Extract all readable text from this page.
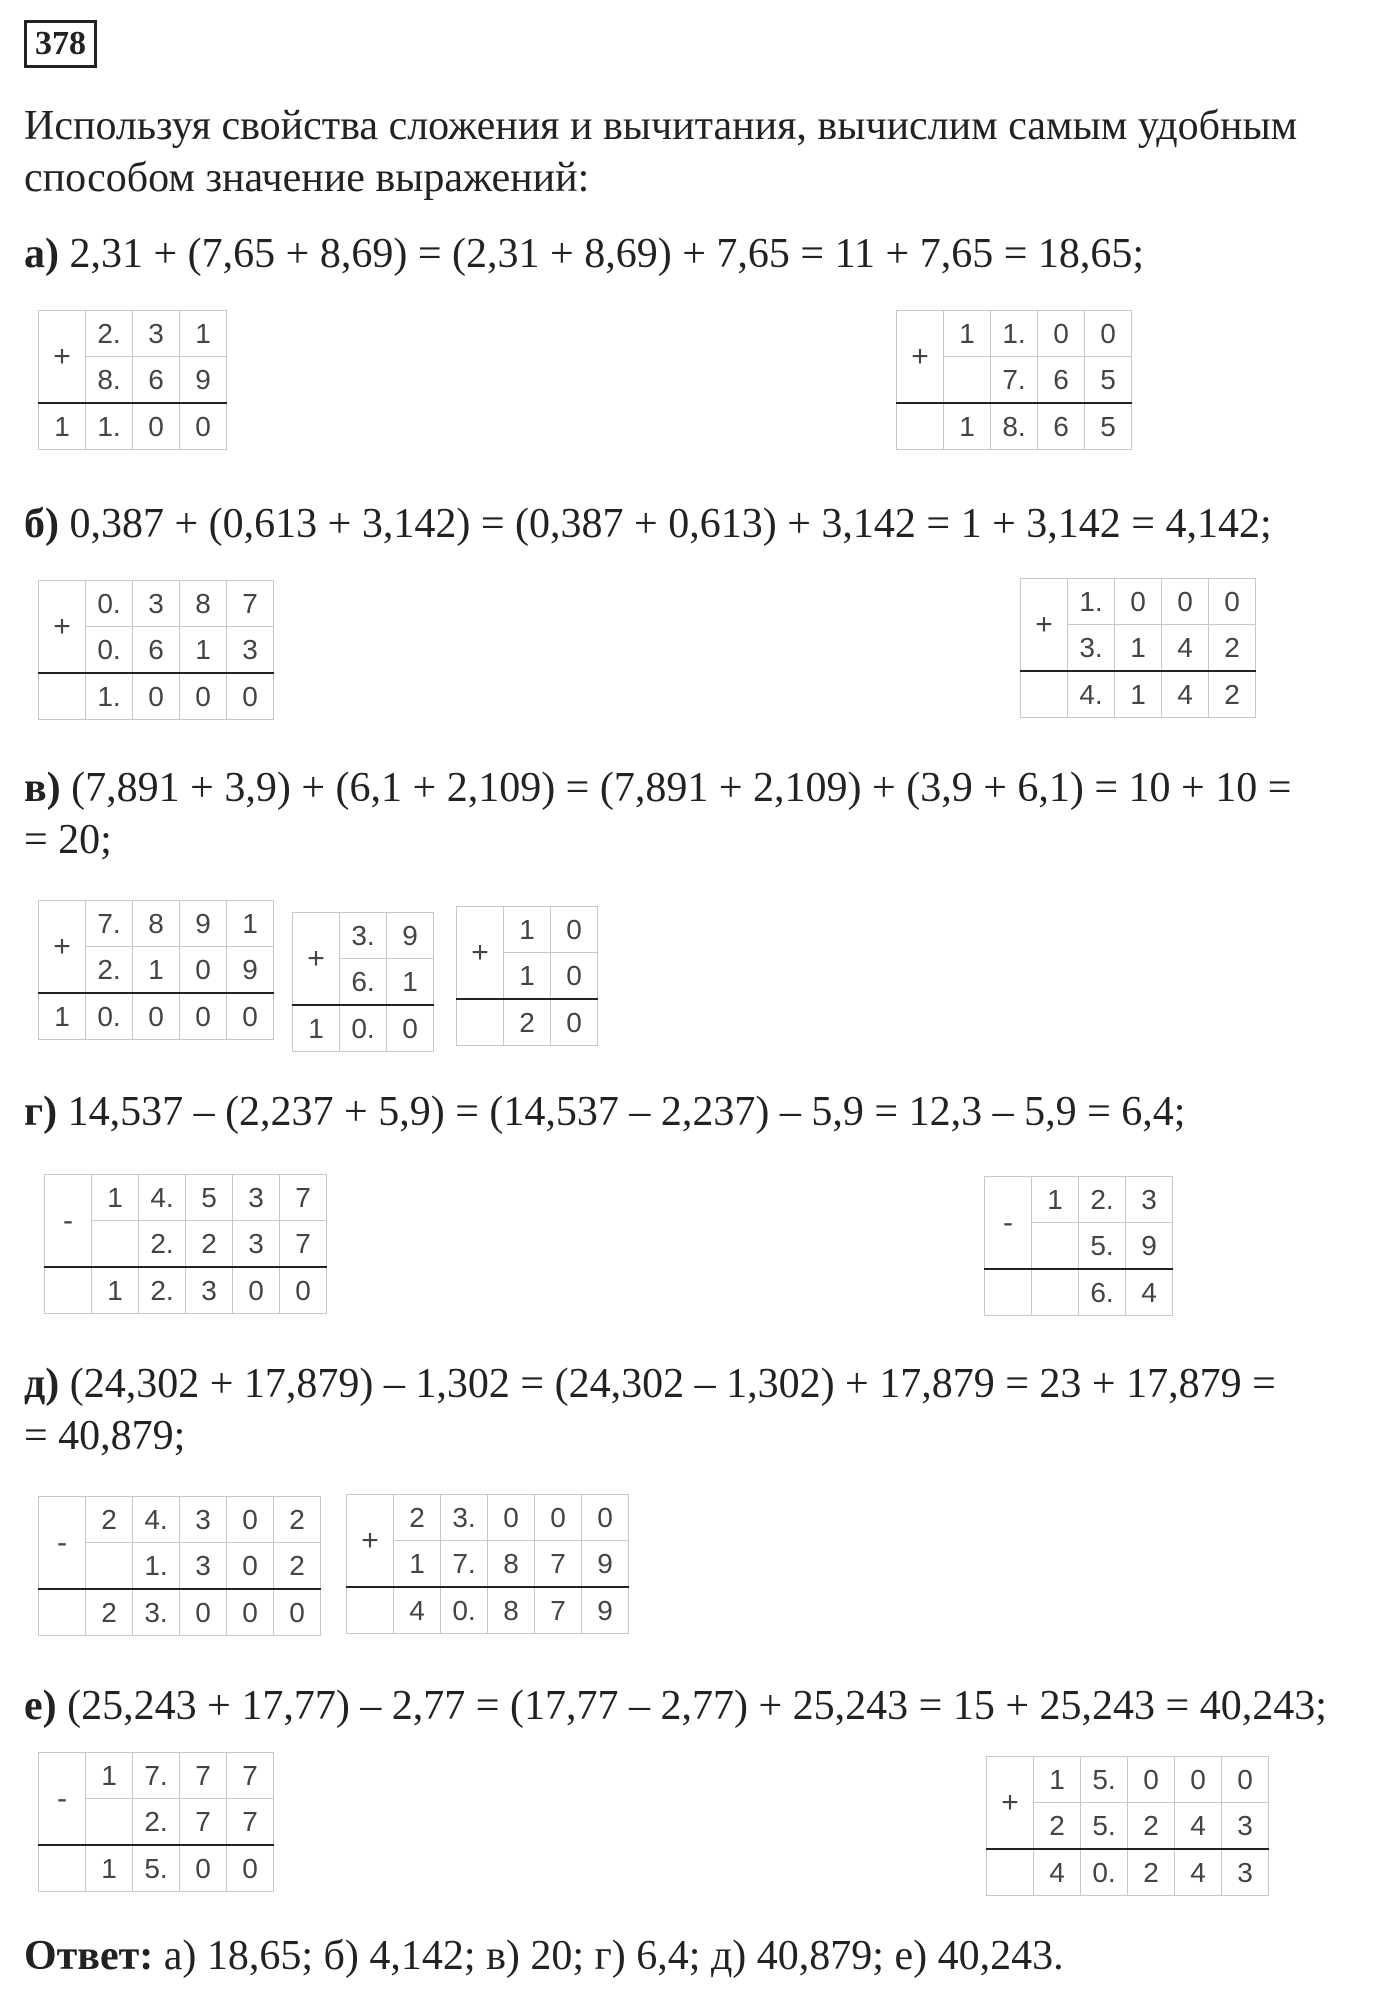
378
Используя свойства сложения и вычитания, вычислим самым удобным способом значение выражений:
а) 2,31 + (7,65 + 8,69) = (2,31 + 8,69) + 7,65 = 11 + 7,65 = 18,65;
б) 0,387 + (0,613 + 3,142) = (0,387 + 0,613) + 3,142 = 1 + 3,142 = 4,142;
в) (7,891 + 3,9) + (6,1 + 2,109) = (7,891 + 2,109) + (3,9 + 6,1) = 10 + 10 =
= 20;
г) 14,537 – (2,237 + 5,9) = (14,537 – 2,237) – 5,9 = 12,3 – 5,9 = 6,4;
д) (24,302 + 17,879) – 1,302 = (24,302 – 1,302) + 17,879 = 23 + 17,879 =
= 40,879;
е) (25,243 + 17,77) – 2,77 = (17,77 – 2,77) + 25,243 = 15 + 25,243 = 40,243;
+	2.	3	1
	8.	6	9
1	1.	0	0
+	1	1.	0	0
		7.	6	5
	1	8.	6	5
+	0.	3	8	7
	0.	6	1	3
	1.	0	0	0
+	1.	0	0	0
	3.	1	4	2
	4.	1	4	2
+	7.	8	9	1
	2.	1	0	9
1	0.	0	0	0
+	3.	9
	6.	1
1	0.	0
+	1	0
	1	0
	2	0
-	1	4.	5	3	7
		2.	2	3	7
	1	2.	3	0	0
-	1	2.	3
		5.	9
		6.	4
-	2	4.	3	0	2
		1.	3	0	2
	2	3.	0	0	0
+	2	3.	0	0	0
	1	7.	8	7	9
	4	0.	8	7	9
-	1	7.	7	7
		2.	7	7
	1	5.	0	0
+	1	5.	0	0	0
	2	5.	2	4	3
	4	0.	2	4	3
Ответ: а) 18,65; б) 4,142; в) 20; г) 6,4; д) 40,879; е) 40,243.
